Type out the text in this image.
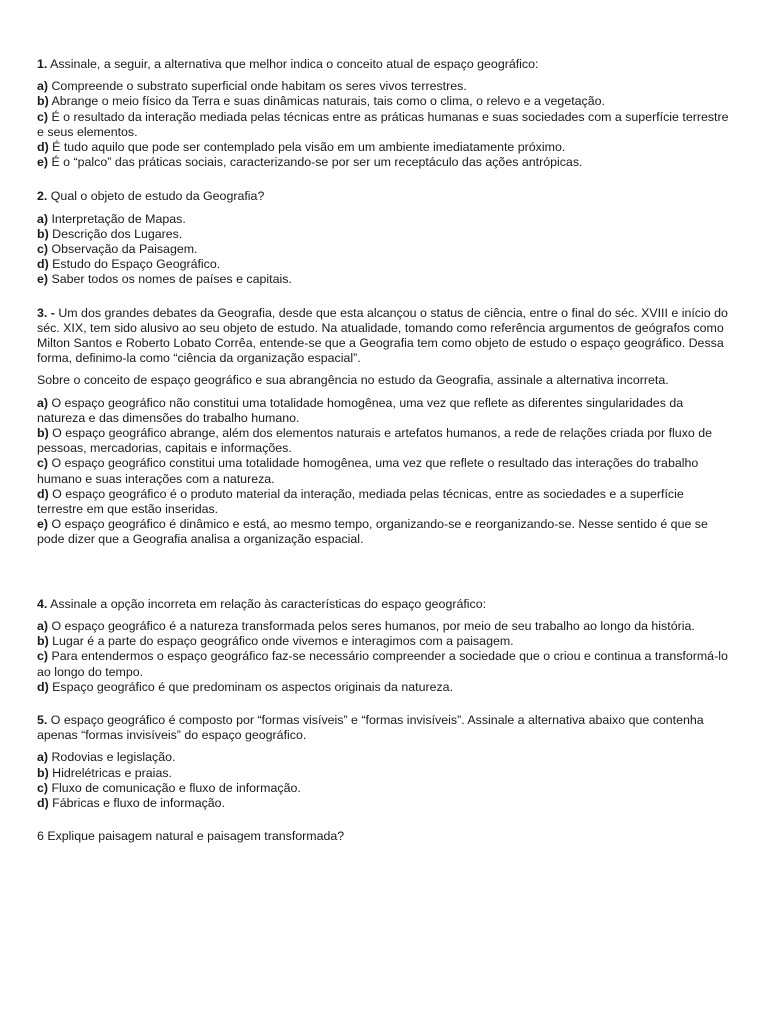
1. Assinale, a seguir, a alternativa que melhor indica o conceito atual de espaço geográfico:

a) Compreende o substrato superficial onde habitam os seres vivos terrestres.

b) Abrange o meio físico da Terra e suas dinâmicas naturais, tais como o clima, o relevo e a vegetação.

c) É o resultado da interação mediada pelas técnicas entre as práticas humanas e suas sociedades com a superfície terrestre e seus elementos.

d) É tudo aquilo que pode ser contemplado pela visão em um ambiente imediatamente próximo.

e) É o “palco” das práticas sociais, caracterizando-se por ser um receptáculo das ações antrópicas.

2. Qual o objeto de estudo da Geografia?

a) Interpretação de Mapas.

b) Descrição dos Lugares.

c) Observação da Paisagem.

d) Estudo do Espaço Geográfico.

e) Saber todos os nomes de países e capitais.

3. - Um dos grandes debates da Geografia, desde que esta alcançou o status de ciência, entre o final do séc. XVIII e início do séc. XIX, tem sido alusivo ao seu objeto de estudo. Na atualidade, tomando como referência argumentos de geógrafos como Milton Santos e Roberto Lobato Corrêa, entende-se que a Geografia tem como objeto de estudo o espaço geográfico. Dessa forma, definimo-la como “ciência da organização espacial”.

Sobre o conceito de espaço geográfico e sua abrangência no estudo da Geografia, assinale a alternativa incorreta.

a) O espaço geográfico não constitui uma totalidade homogênea, uma vez que reflete as diferentes singularidades da natureza e das dimensões do trabalho humano.

b) O espaço geográfico abrange, além dos elementos naturais e artefatos humanos, a rede de relações criada por fluxo de pessoas, mercadorias, capitais e informações.

c) O espaço geográfico constitui uma totalidade homogênea, uma vez que reflete o resultado das interações do trabalho humano e suas interações com a natureza.

d) O espaço geográfico é o produto material da interação, mediada pelas técnicas, entre as sociedades e a superfície terrestre em que estão inseridas.

e) O espaço geográfico é dinâmico e está, ao mesmo tempo, organizando-se e reorganizando-se. Nesse sentido é que se pode dizer que a Geografia analisa a organização espacial.

4. Assinale a opção incorreta em relação às características do espaço geográfico:

a) O espaço geográfico é a natureza transformada pelos seres humanos, por meio de seu trabalho ao longo da história.

b) Lugar é a parte do espaço geográfico onde vivemos e interagimos com a paisagem.

c) Para entendermos o espaço geográfico faz-se necessário compreender a sociedade que o criou e continua a transformá-lo ao longo do tempo.

d) Espaço geográfico é que predominam os aspectos originais da natureza.

5. O espaço geográfico é composto por “formas visíveis” e “formas invisíveis”. Assinale a alternativa abaixo que contenha apenas “formas invisíveis” do espaço geográfico.

a) Rodovias e legislação.

b) Hidrelétricas e praias.

c) Fluxo de comunicação e fluxo de informação.

d) Fábricas e fluxo de informação.

6 Explique paisagem natural e paisagem transformada?
